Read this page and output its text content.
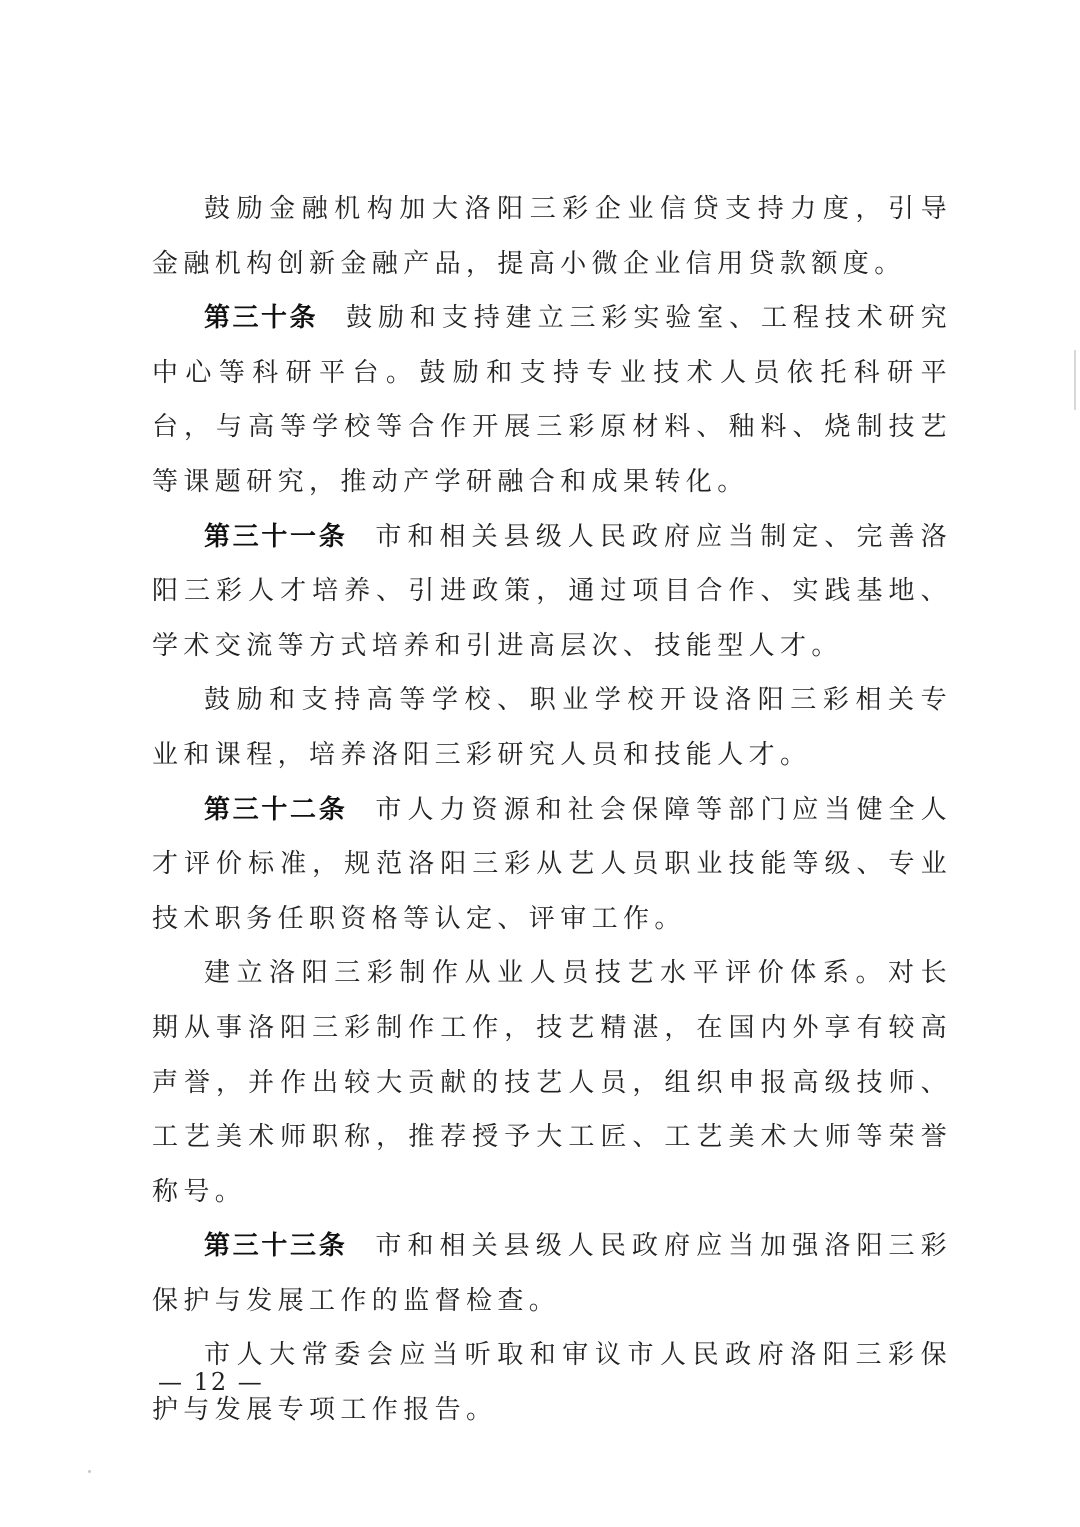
鼓励金融机构加大洛阳三彩企业信贷支持力度，引导金融机构创新金融产品，提高小微企业信用贷款额度。

第三十条 鼓励和支持建立三彩实验室、工程技术研究中心等科研平台。鼓励和支持专业技术人员依托科研平台，与高等学校等合作开展三彩原材料、釉料、烧制技艺等课题研究，推动产学研融合和成果转化。

第三十一条 市和相关县级人民政府应当制定、完善洛阳三彩人才培养、引进政策，通过项目合作、实践基地、学术交流等方式培养和引进高层次、技能型人才。

鼓励和支持高等学校、职业学校开设洛阳三彩相关专业和课程，培养洛阳三彩研究人员和技能人才。

第三十二条 市人力资源和社会保障等部门应当健全人才评价标准，规范洛阳三彩从艺人员职业技能等级、专业技术职务任职资格等认定、评审工作。

建立洛阳三彩制作从业人员技艺水平评价体系。对长期从事洛阳三彩制作工作，技艺精湛，在国内外享有较高声誉，并作出较大贡献的技艺人员，组织申报高级技师、工艺美术师职称，推荐授予大工匠、工艺美术大师等荣誉称号。

第三十三条 市和相关县级人民政府应当加强洛阳三彩保护与发展工作的监督检查。

市人大常委会应当听取和审议市人民政府洛阳三彩保护与发展专项工作报告。

— 12 —
